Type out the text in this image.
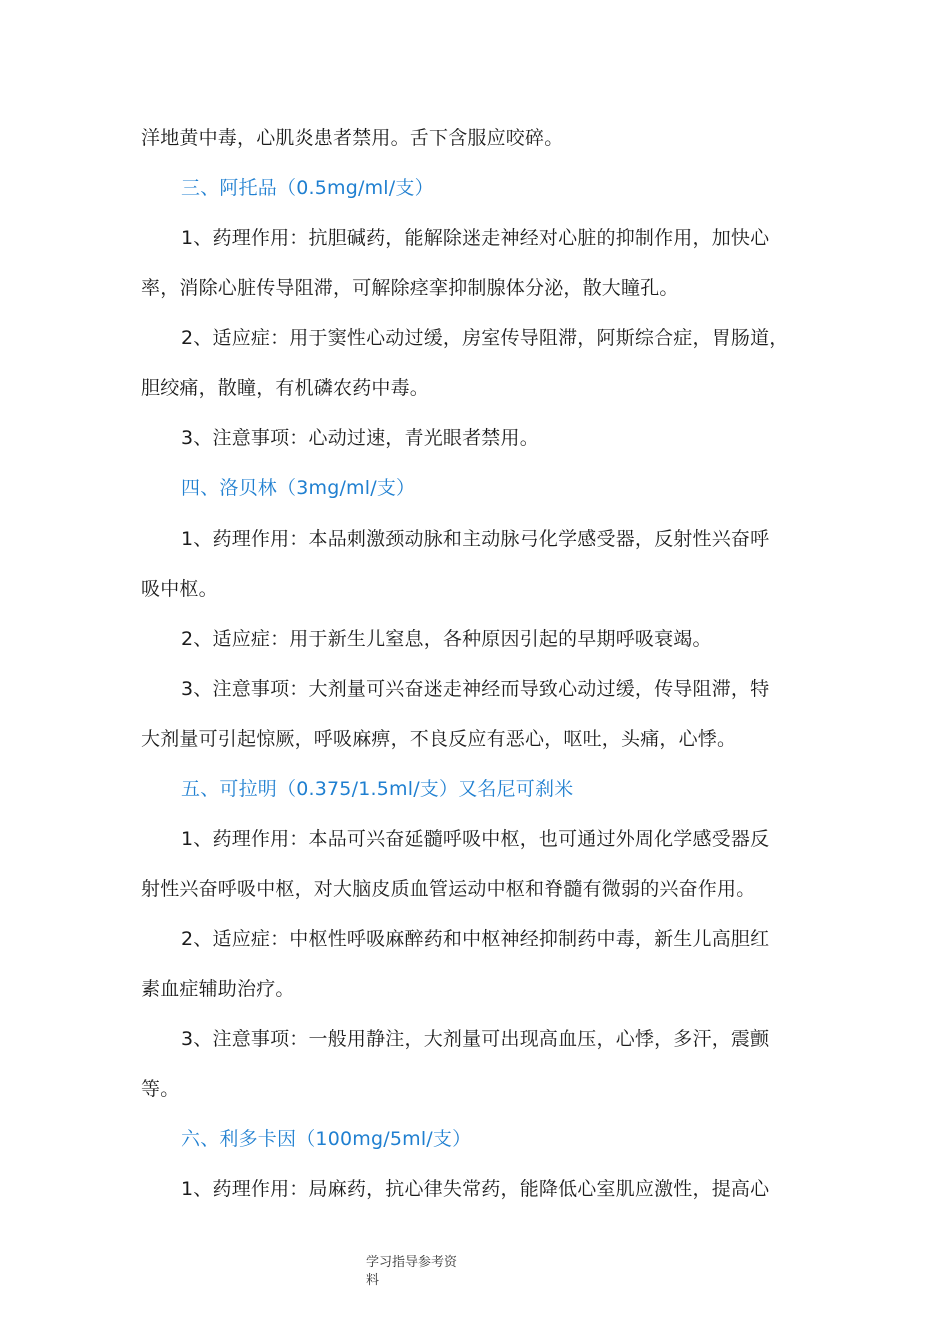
洋地黄中毒，心肌炎患者禁用。舌下含服应咬碎。
三、阿托品（0.5mg/ml/支）
1、药理作用：抗胆碱药，能解除迷走神经对心脏的抑制作用，加快心
率，消除心脏传导阻滞，可解除痉挛抑制腺体分泌，散大瞳孔。
2、适应症：用于窦性心动过缓，房室传导阻滞，阿斯综合症，胃肠道，
胆绞痛，散瞳，有机磷农药中毒。
3、注意事项：心动过速，青光眼者禁用。
四、洛贝林（3mg/ml/支）
1、药理作用：本品刺激颈动脉和主动脉弓化学感受器，反射性兴奋呼
吸中枢。
2、适应症：用于新生儿窒息，各种原因引起的早期呼吸衰竭。
3、注意事项：大剂量可兴奋迷走神经而导致心动过缓，传导阻滞，特
大剂量可引起惊厥，呼吸麻痹，不良反应有恶心，呕吐，头痛，心悸。
五、可拉明（0.375/1.5ml/支）又名尼可刹米
1、药理作用：本品可兴奋延髓呼吸中枢，也可通过外周化学感受器反
射性兴奋呼吸中枢，对大脑皮质血管运动中枢和脊髓有微弱的兴奋作用。
2、适应症：中枢性呼吸麻醉药和中枢神经抑制药中毒，新生儿高胆红
素血症辅助治疗。
3、注意事项：一般用静注，大剂量可出现高血压，心悸，多汗，震颤
等。
六、利多卡因（100mg/5ml/支）
1、药理作用：局麻药，抗心律失常药，能降低心室肌应激性，提高心
学习指导参考资
料
